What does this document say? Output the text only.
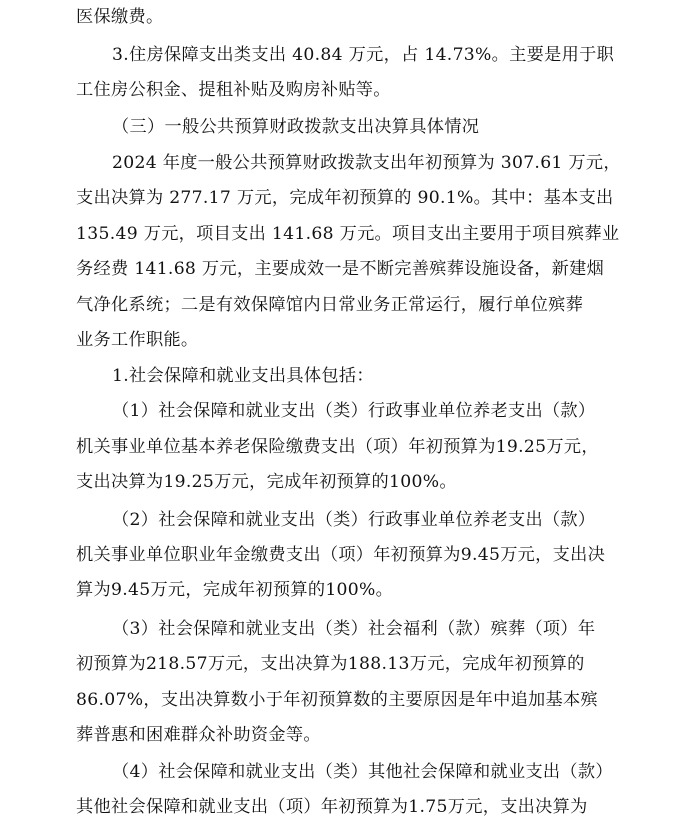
医保缴费。
3.住房保障支出类支出 40.84 万元，占 14.73%。主要是用于职
工住房公积金、提租补贴及购房补贴等。
（三）一般公共预算财政拨款支出决算具体情况
2024 年度一般公共预算财政拨款支出年初预算为 307.61 万元，
支出决算为 277.17 万元，完成年初预算的 90.1%。其中：基本支出
135.49 万元，项目支出 141.68 万元。项目支出主要用于项目殡葬业
务经费 141.68 万元，主要成效一是不断完善殡葬设施设备，新建烟
气净化系统；二是有效保障馆内日常业务正常运行，履行单位殡葬
业务工作职能。
1.社会保障和就业支出具体包括：
（1）社会保障和就业支出（类）行政事业单位养老支出（款）
机关事业单位基本养老保险缴费支出（项）年初预算为19.25万元，
支出决算为19.25万元，完成年初预算的100%。
（2）社会保障和就业支出（类）行政事业单位养老支出（款）
机关事业单位职业年金缴费支出（项）年初预算为9.45万元，支出决
算为9.45万元，完成年初预算的100%。
（3）社会保障和就业支出（类）社会福利（款）殡葬（项）年
初预算为218.57万元，支出决算为188.13万元，完成年初预算的
86.07%，支出决算数小于年初预算数的主要原因是年中追加基本殡
葬普惠和困难群众补助资金等。
（4）社会保障和就业支出（类）其他社会保障和就业支出（款）
其他社会保障和就业支出（项）年初预算为1.75万元，支出决算为
